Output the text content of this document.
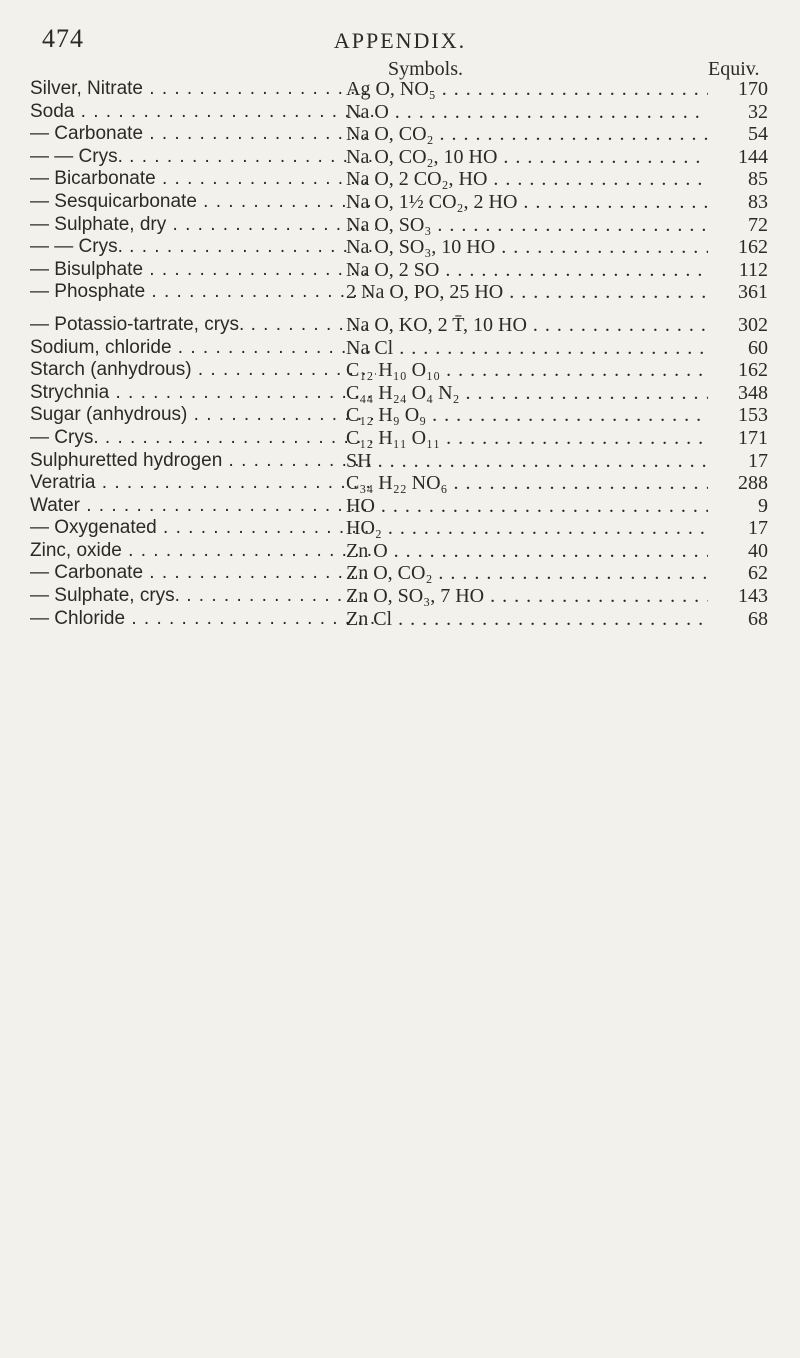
474	APPENDIX.
Symbols.	Equiv.
Silver, Nitrate . . .	Ag O, NO₅ . . .	170
Soda . . .	Na O . . .	32
— Carbonate . . .	Na O, CO₂ . . .	54
— — Crys. . . .	Na O, CO₂, 10 HO . . .	144
— Bicarbonate . . .	Na O, 2 CO₂, HO . . .	85
— Sesquicarbonate . . .	Na O, 1½ CO₂, 2 HO . . .	83
— Sulphate, dry . . .	Na O, SO₃ . . .	72
— — Crys. . . .	Na O, SO₃, 10 HO . . .	162
— Bisulphate . . .	Na O, 2 SO . . .	112
— Phosphate . . .	2 Na O, PO, 25 HO . . .	361
— Potassio-tartrate, crys. . . .	Na O, KO, 2 T̄, 10 HO . . .	302
Sodium, chloride . . .	Na Cl . . .	60
Starch (anhydrous) . . .	C₁₂ H₁₀ O₁₀ . . .	162
Strychnia . . .	C₄₄ H₂₄ O₄ N₂ . . .	348
Sugar (anhydrous) . . .	C₁₂ H₉ O₉ . . .	153
— Crys. . . .	C₁₂ H₁₁ O₁₁ . . .	171
Sulphuretted hydrogen . . .	SH . . .	17
Veratria . . .	C₃₄ H₂₂ NO₆ . . .	288
Water . . .	HO . . .	9
— Oxygenated . . .	HO₂ . . .	17
Zinc, oxide . . .	Zn O . . .	40
— Carbonate . . .	Zn O, CO₂ . . .	62
— Sulphate, crys. . . .	Zn O, SO₃, 7 HO . . .	143
— Chloride . . .	Zn Cl . . .	68
